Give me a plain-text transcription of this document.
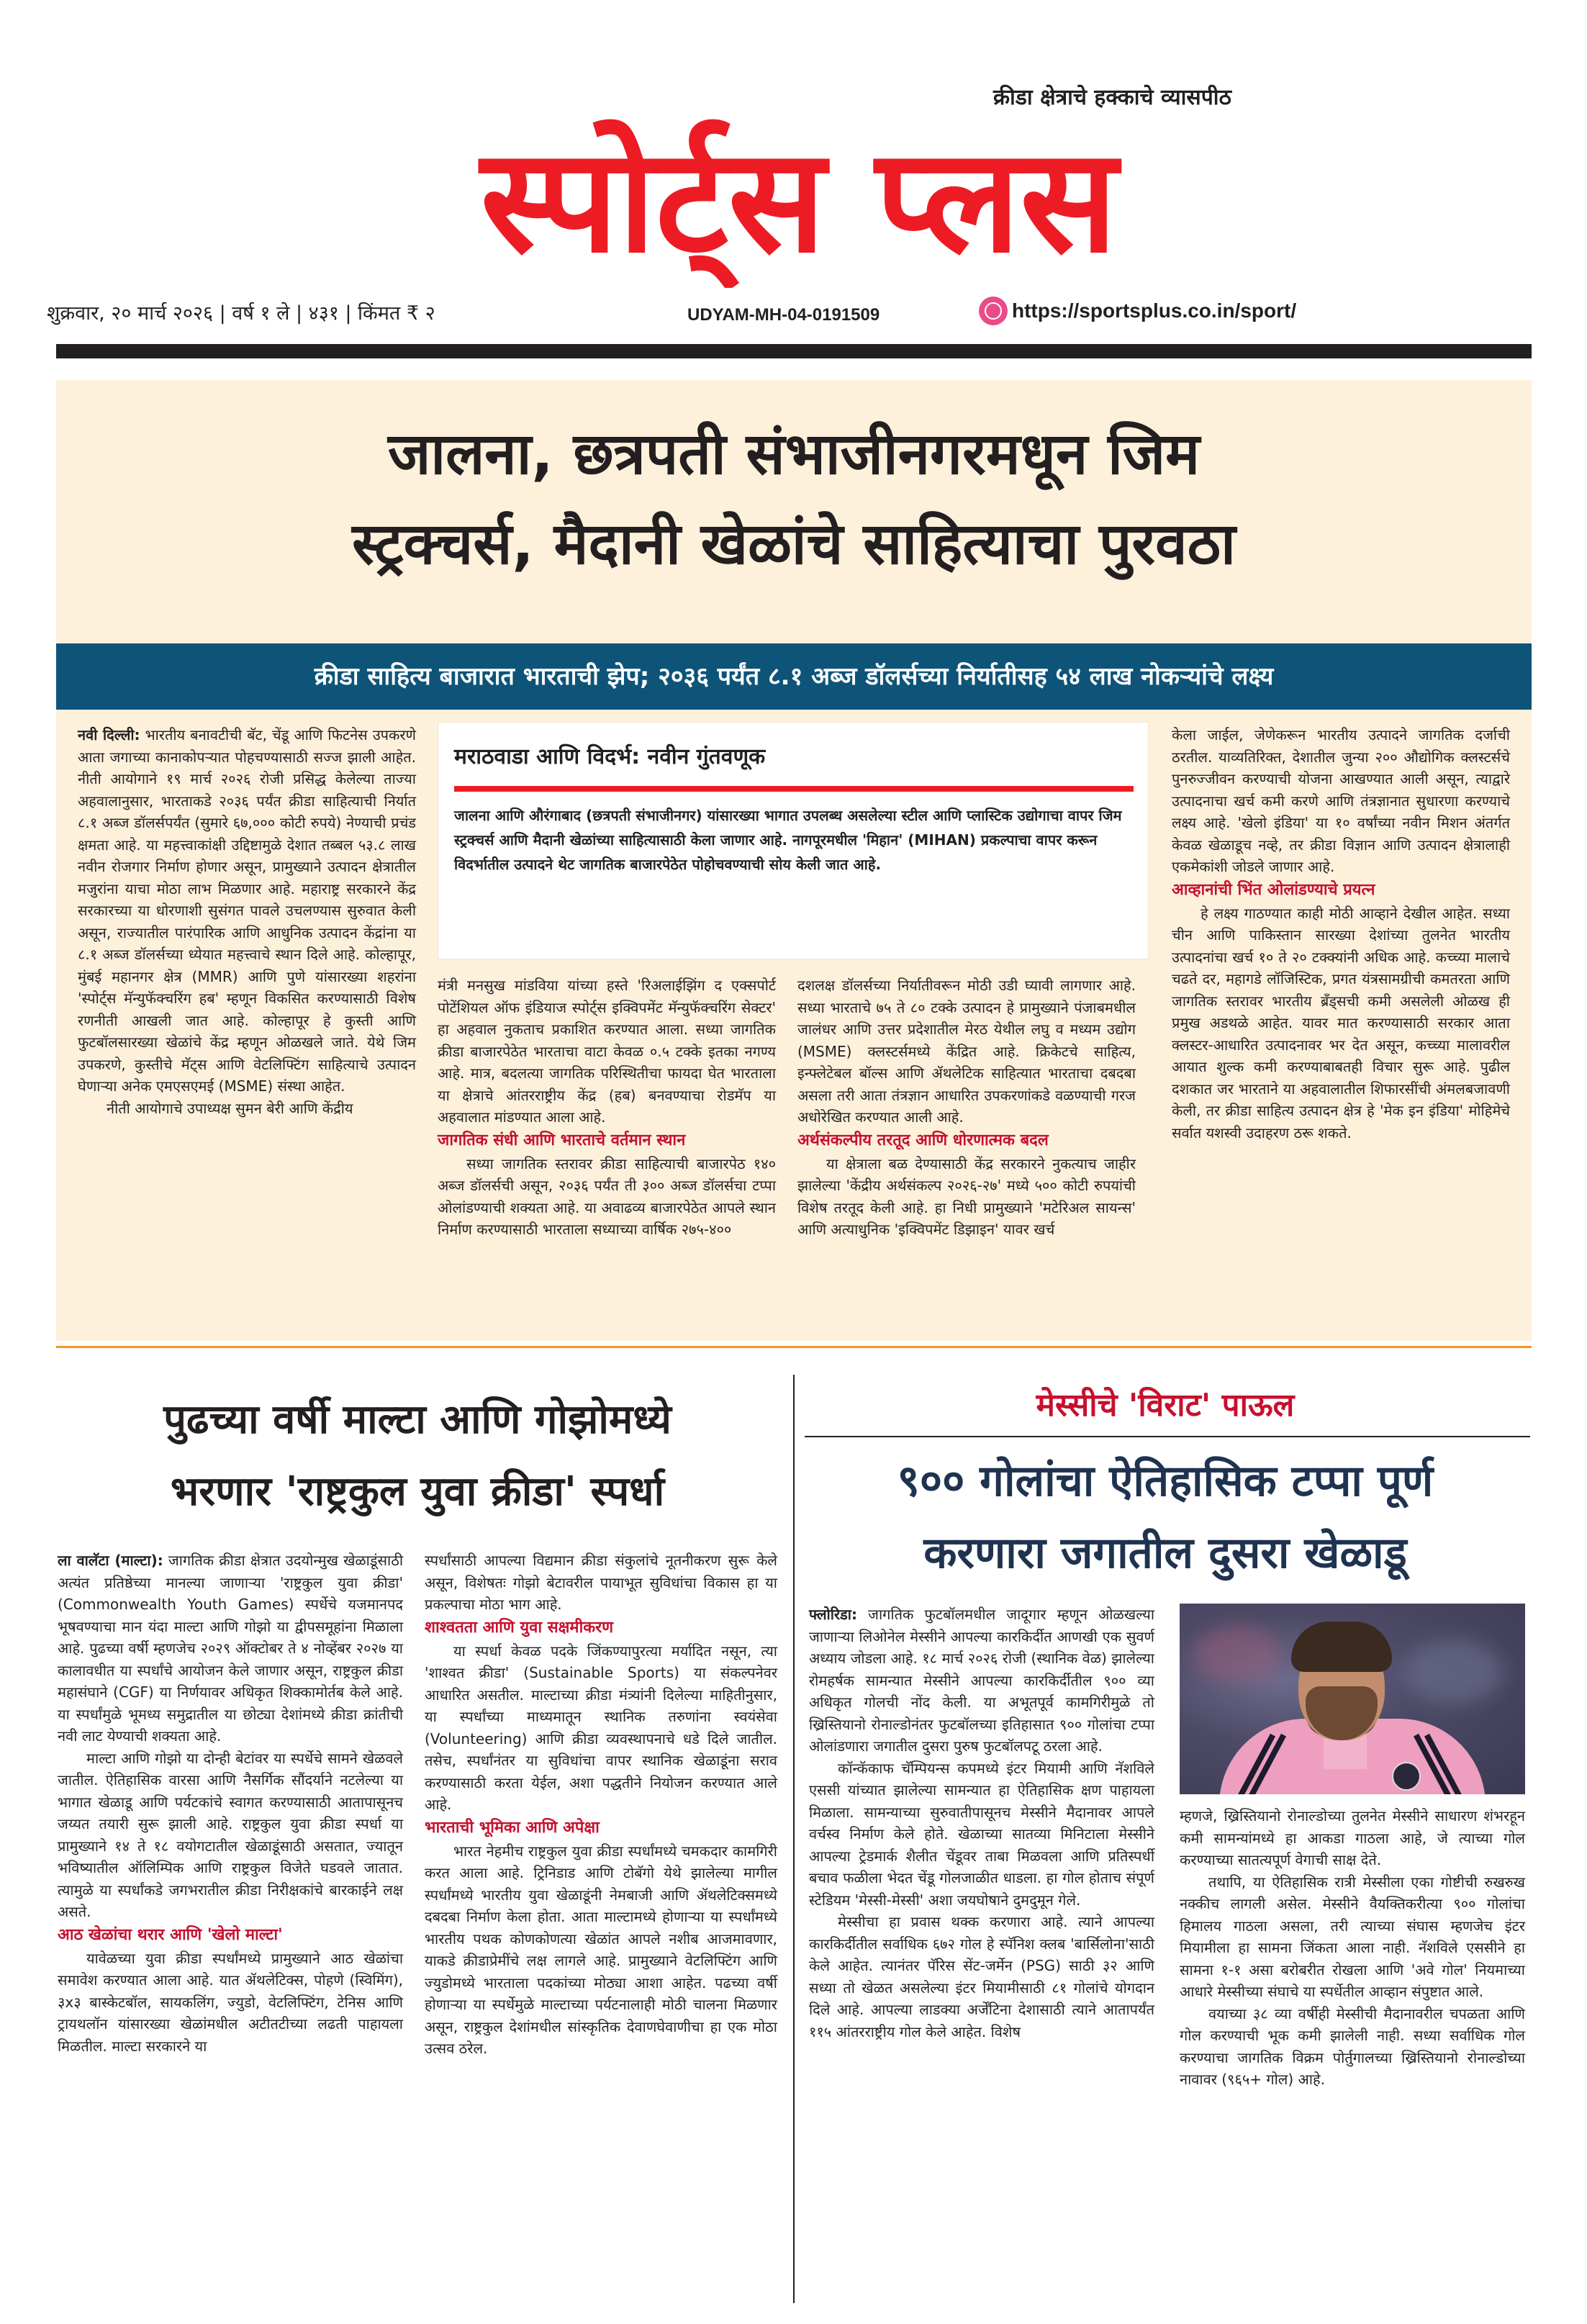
क्रीडा क्षेत्राचे हक्काचे व्यासपीठ
स्पोर्ट्स प्लस
शुक्रवार, २० मार्च २०२६ | वर्ष १ ले | ४३१ | किंमत ₹ २	UDYAM-MH-04-0191509	https://sportsplus.co.in/sport/
जालना, छत्रपती संभाजीनगरमधून जिम
स्ट्रक्चर्स, मैदानी खेळांचे साहित्याचा पुरवठा
क्रीडा साहित्य बाजारात भारताची झेप; २०३६ पर्यंत ८.१ अब्ज डॉलर्सच्या निर्यातीसह ५४ लाख नोकऱ्यांचे लक्ष्य

नवी दिल्ली: भारतीय बनावटीची बॅट, चेंडू आणि फिटनेस उपकरणे आता जगाच्या कानाकोपऱ्यात पोहचण्यासाठी सज्ज झाली आहेत. नीती आयोगाने १९ मार्च २०२६ रोजी प्रसिद्ध केलेल्या ताज्या अहवालानुसार, भारताकडे २०३६ पर्यंत क्रीडा साहित्याची निर्यात ८.१ अब्ज डॉलर्सपर्यंत (सुमारे ६७,००० कोटी रुपये) नेण्याची प्रचंड क्षमता आहे. या महत्त्वाकांक्षी उद्दिष्टामुळे देशात तब्बल ५३.८ लाख नवीन रोजगार निर्माण होणार असून, प्रामुख्याने उत्पादन क्षेत्रातील मजुरांना याचा मोठा लाभ मिळणार आहे. महाराष्ट्र सरकारने केंद्र सरकारच्या या धोरणाशी सुसंगत पावले उचलण्यास सुरुवात केली असून, राज्यातील पारंपारिक आणि आधुनिक उत्पादन केंद्रांना या ८.१ अब्ज डॉलर्सच्या ध्येयात महत्त्वाचे स्थान दिले आहे. कोल्हापूर, मुंबई महानगर क्षेत्र (MMR) आणि पुणे यांसारख्या शहरांना 'स्पोर्ट्स मॅन्युफॅक्चरिंग हब' म्हणून विकसित करण्यासाठी विशेष रणनीती आखली जात आहे. कोल्हापूर हे कुस्ती आणि फुटबॉलसारख्या खेळांचे केंद्र म्हणून ओळखले जाते. येथे जिम उपकरणे, कुस्तीचे मॅट्स आणि वेटलिफ्टिंग साहित्याचे उत्पादन घेणाऱ्या अनेक एमएसएमई (MSME) संस्था आहेत.

नीती आयोगाचे उपाध्यक्ष सुमन बेरी आणि केंद्रीय

मराठवाडा आणि विदर्भ: नवीन गुंतवणूक
जालना आणि औरंगाबाद (छत्रपती संभाजीनगर) यांसारख्या भागात उपलब्ध असलेल्या स्टील आणि प्लास्टिक उद्योगाचा वापर जिम स्ट्रक्चर्स आणि मैदानी खेळांच्या साहित्यासाठी केला जाणार आहे. नागपूरमधील 'मिहान' (MIHAN) प्रकल्पाचा वापर करून विदर्भातील उत्पादने थेट जागतिक बाजारपेठेत पोहोचवण्याची सोय केली जात आहे.

मंत्री मनसुख मांडविया यांच्या हस्ते 'रिअलाईझिंग द एक्सपोर्ट पोटेंशियल ऑफ इंडियाज स्पोर्ट्स इक्विपमेंट मॅन्युफॅक्चरिंग सेक्टर' हा अहवाल नुकताच प्रकाशित करण्यात आला. सध्या जागतिक क्रीडा बाजारपेठेत भारताचा वाटा केवळ ०.५ टक्के इतका नगण्य आहे. मात्र, बदलत्या जागतिक परिस्थितीचा फायदा घेत भारताला या क्षेत्राचे आंतरराष्ट्रीय केंद्र (हब) बनवण्याचा रोडमॅप या अहवालात मांडण्यात आला आहे.

जागतिक संधी आणि भारताचे वर्तमान स्थान

सध्या जागतिक स्तरावर क्रीडा साहित्याची बाजारपेठ १४० अब्ज डॉलर्सची असून, २०३६ पर्यंत ती ३०० अब्ज डॉलर्सचा टप्पा ओलांडण्याची शक्यता आहे. या अवाढव्य बाजारपेठेत आपले स्थान निर्माण करण्यासाठी भारताला सध्याच्या वार्षिक २७५-४००

दशलक्ष डॉलर्सच्या निर्यातीवरून मोठी उडी घ्यावी लागणार आहे. सध्या भारताचे ७५ ते ८० टक्के उत्पादन हे प्रामुख्याने पंजाबमधील जालंधर आणि उत्तर प्रदेशातील मेरठ येथील लघु व मध्यम उद्योग (MSME) क्लस्टर्समध्ये केंद्रित आहे. क्रिकेटचे साहित्य, इन्फ्लेटेबल बॉल्स आणि ॲथलेटिक साहित्यात भारताचा दबदबा असला तरी आता तंत्रज्ञान आधारित उपकरणांकडे वळण्याची गरज अधोरेखित करण्यात आली आहे.

अर्थसंकल्पीय तरतूद आणि धोरणात्मक बदल

या क्षेत्राला बळ देण्यासाठी केंद्र सरकारने नुकत्याच जाहीर झालेल्या 'केंद्रीय अर्थसंकल्प २०२६-२७' मध्ये ५०० कोटी रुपयांची विशेष तरतूद केली आहे. हा निधी प्रामुख्याने 'मटेरिअल सायन्स' आणि अत्याधुनिक 'इक्विपमेंट डिझाइन' यावर खर्च

केला जाईल, जेणेकरून भारतीय उत्पादने जागतिक दर्जाची ठरतील. याव्यतिरिक्त, देशातील जुन्या २०० औद्योगिक क्लस्टर्सचे पुनरुज्जीवन करण्याची योजना आखण्यात आली असून, त्याद्वारे उत्पादनाचा खर्च कमी करणे आणि तंत्रज्ञानात सुधारणा करण्याचे लक्ष्य आहे. 'खेलो इंडिया' या १० वर्षांच्या नवीन मिशन अंतर्गत केवळ खेळाडूच नव्हे, तर क्रीडा विज्ञान आणि उत्पादन क्षेत्रालाही एकमेकांशी जोडले जाणार आहे.

आव्हानांची भिंत ओलांडण्याचे प्रयत्न

हे लक्ष्य गाठण्यात काही मोठी आव्हाने देखील आहेत. सध्या चीन आणि पाकिस्तान सारख्या देशांच्या तुलनेत भारतीय उत्पादनांचा खर्च १० ते २० टक्क्यांनी अधिक आहे. कच्च्या मालाचे चढते दर, महागडे लॉजिस्टिक, प्रगत यंत्रसामग्रीची कमतरता आणि जागतिक स्तरावर भारतीय ब्रँड्सची कमी असलेली ओळख ही प्रमुख अडथळे आहेत. यावर मात करण्यासाठी सरकार आता क्लस्टर-आधारित उत्पादनावर भर देत असून, कच्च्या मालावरील आयात शुल्क कमी करण्याबाबतही विचार सुरू आहे. पुढील दशकात जर भारताने या अहवालातील शिफारसींची अंमलबजावणी केली, तर क्रीडा साहित्य उत्पादन क्षेत्र हे 'मेक इन इंडिया' मोहिमेचे सर्वात यशस्वी उदाहरण ठरू शकते.

पुढच्या वर्षी माल्टा आणि गोझोमध्ये
भरणार 'राष्ट्रकुल युवा क्रीडा' स्पर्धा

ला वालॅटा (माल्टा): जागतिक क्रीडा क्षेत्रात उदयोन्मुख खेळाडूंसाठी अत्यंत प्रतिष्ठेच्या मानल्या जाणाऱ्या 'राष्ट्रकुल युवा क्रीडा' (Commonwealth Youth Games) स्पर्धेचे यजमानपद भूषवण्याचा मान यंदा माल्टा आणि गोझो या द्वीपसमूहांना मिळाला आहे. पुढच्या वर्षी म्हणजेच २०२९ ऑक्टोबर ते ४ नोव्हेंबर २०२७ या कालावधीत या स्पर्धांचे आयोजन केले जाणार असून, राष्ट्रकुल क्रीडा महासंघाने (CGF) या निर्णयावर अधिकृत शिक्कामोर्तब केले आहे. या स्पर्धांमुळे भूमध्य समुद्रातील या छोट्या देशांमध्ये क्रीडा क्रांतीची नवी लाट येण्याची शक्यता आहे.

माल्टा आणि गोझो या दोन्ही बेटांवर या स्पर्धेचे सामने खेळवले जातील. ऐतिहासिक वारसा आणि नैसर्गिक सौंदर्याने नटलेल्या या भागात खेळाडू आणि पर्यटकांचे स्वागत करण्यासाठी आतापासूनच जय्यत तयारी सुरू झाली आहे. राष्ट्रकुल युवा क्रीडा स्पर्धा या प्रामुख्याने १४ ते १८ वयोगटातील खेळाडूंसाठी असतात, ज्यातून भविष्यातील ऑलिम्पिक आणि राष्ट्रकुल विजेते घडवले जातात. त्यामुळे या स्पर्धांकडे जगभरातील क्रीडा निरीक्षकांचे बारकाईने लक्ष असते.

आठ खेळांचा थरार आणि 'खेलो माल्टा'

यावेळच्या युवा क्रीडा स्पर्धांमध्ये प्रामुख्याने आठ खेळांचा समावेश करण्यात आला आहे. यात ॲथलेटिक्स, पोहणे (स्विमिंग), ३x३ बास्केटबॉल, सायकलिंग, ज्युडो, वेटलिफ्टिंग, टेनिस आणि ट्रायथलॉन यांसारख्या खेळांमधील अटीतटीच्या लढती पाहायला मिळतील. माल्टा सरकारने या

स्पर्धांसाठी आपल्या विद्यमान क्रीडा संकुलांचे नूतनीकरण सुरू केले असून, विशेषतः गोझो बेटावरील पायाभूत सुविधांचा विकास हा या प्रकल्पाचा मोठा भाग आहे.

शाश्वतता आणि युवा सक्षमीकरण

या स्पर्धा केवळ पदके जिंकण्यापुरत्या मर्यादित नसून, त्या 'शाश्वत क्रीडा' (Sustainable Sports) या संकल्पनेवर आधारित असतील. माल्टाच्या क्रीडा मंत्र्यांनी दिलेल्या माहितीनुसार, या स्पर्धांच्या माध्यमातून स्थानिक तरुणांना स्वयंसेवा (Volunteering) आणि क्रीडा व्यवस्थापनाचे धडे दिले जातील. तसेच, स्पर्धांनंतर या सुविधांचा वापर स्थानिक खेळाडूंना सराव करण्यासाठी करता येईल, अशा पद्धतीने नियोजन करण्यात आले आहे.

भारताची भूमिका आणि अपेक्षा

भारत नेहमीच राष्ट्रकुल युवा क्रीडा स्पर्धांमध्ये चमकदार कामगिरी करत आला आहे. ट्रिनिडाड आणि टोबॅगो येथे झालेल्या मागील स्पर्धांमध्ये भारतीय युवा खेळाडूंनी नेमबाजी आणि ॲथलेटिक्समध्ये दबदबा निर्माण केला होता. आता माल्टामध्ये होणाऱ्या या स्पर्धांमध्ये भारतीय पथक कोणकोणत्या खेळांत आपले नशीब आजमावणार, याकडे क्रीडाप्रेमींचे लक्ष लागले आहे. प्रामुख्याने वेटलिफ्टिंग आणि ज्युडोमध्ये भारताला पदकांच्या मोठ्या आशा आहेत. पढच्या वर्षी होणाऱ्या या स्पर्धेमुळे माल्टाच्या पर्यटनालाही मोठी चालना मिळणार असून, राष्ट्रकुल देशांमधील सांस्कृतिक देवाणघेवाणीचा हा एक मोठा उत्सव ठरेल.

मेस्सीचे 'विराट' पाऊल
९०० गोलांचा ऐतिहासिक टप्पा पूर्ण
करणारा जगातील दुसरा खेळाडू

फ्लोरिडा: जागतिक फुटबॉलमधील जादूगार म्हणून ओळखल्या जाणाऱ्या लिओनेल मेस्सीने आपल्या कारकिर्दीत आणखी एक सुवर्ण अध्याय जोडला आहे. १८ मार्च २०२६ रोजी (स्थानिक वेळ) झालेल्या रोमहर्षक सामन्यात मेस्सीने आपल्या कारकिर्दीतील ९०० व्या अधिकृत गोलची नोंद केली. या अभूतपूर्व कामगिरीमुळे तो ख्रिस्तियानो रोनाल्डोनंतर फुटबॉलच्या इतिहासात ९०० गोलांचा टप्पा ओलांडणारा जगातील दुसरा पुरुष फुटबॉलपटू ठरला आहे.

कॉन्कॅकाफ चॅम्पियन्स कपमध्ये इंटर मियामी आणि नॅशविले एससी यांच्यात झालेल्या सामन्यात हा ऐतिहासिक क्षण पाहायला मिळाला. सामन्याच्या सुरुवातीपासूनच मेस्सीने मैदानावर आपले वर्चस्व निर्माण केले होते. खेळाच्या सातव्या मिनिटाला मेस्सीने आपल्या ट्रेडमार्क शैलीत चेंडूवर ताबा मिळवला आणि प्रतिस्पर्धी बचाव फळीला भेदत चेंडू गोलजाळीत धाडला. हा गोल होताच संपूर्ण स्टेडियम 'मेस्सी-मेस्सी' अशा जयघोषाने दुमदुमून गेले.

मेस्सीचा हा प्रवास थक्क करणारा आहे. त्याने आपल्या कारकिर्दीतील सर्वाधिक ६७२ गोल हे स्पॅनिश क्लब 'बार्सिलोना'साठी केले आहेत. त्यानंतर पॅरिस सेंट-जर्मेन (PSG) साठी ३२ आणि सध्या तो खेळत असलेल्या इंटर मियामीसाठी ८१ गोलांचे योगदान दिले आहे. आपल्या लाडक्या अर्जेंटिना देशासाठी त्याने आतापर्यंत ११५ आंतरराष्ट्रीय गोल केले आहेत. विशेष

म्हणजे, ख्रिस्तियानो रोनाल्डोच्या तुलनेत मेस्सीने साधारण शंभरहून कमी सामन्यांमध्ये हा आकडा गाठला आहे, जे त्याच्या गोल करण्याच्या सातत्यपूर्ण वेगाची साक्ष देते.

तथापि, या ऐतिहासिक रात्री मेस्सीला एका गोष्टीची रुखरुख नक्कीच लागली असेल. मेस्सीने वैयक्तिकरीत्या ९०० गोलांचा हिमालय गाठला असला, तरी त्याच्या संघास म्हणजेच इंटर मियामीला हा सामना जिंकता आला नाही. नॅशविले एससीने हा सामना १-१ असा बरोबरीत रोखला आणि 'अवे गोल' नियमाच्या आधारे मेस्सीच्या संघाचे या स्पर्धेतील आव्हान संपुष्टात आले.

वयाच्या ३८ व्या वर्षीही मेस्सीची मैदानावरील चपळता आणि गोल करण्याची भूक कमी झालेली नाही. सध्या सर्वाधिक गोल करण्याचा जागतिक विक्रम पोर्तुगालच्या ख्रिस्तियानो रोनाल्डोच्या नावावर (९६५+ गोल) आहे.
